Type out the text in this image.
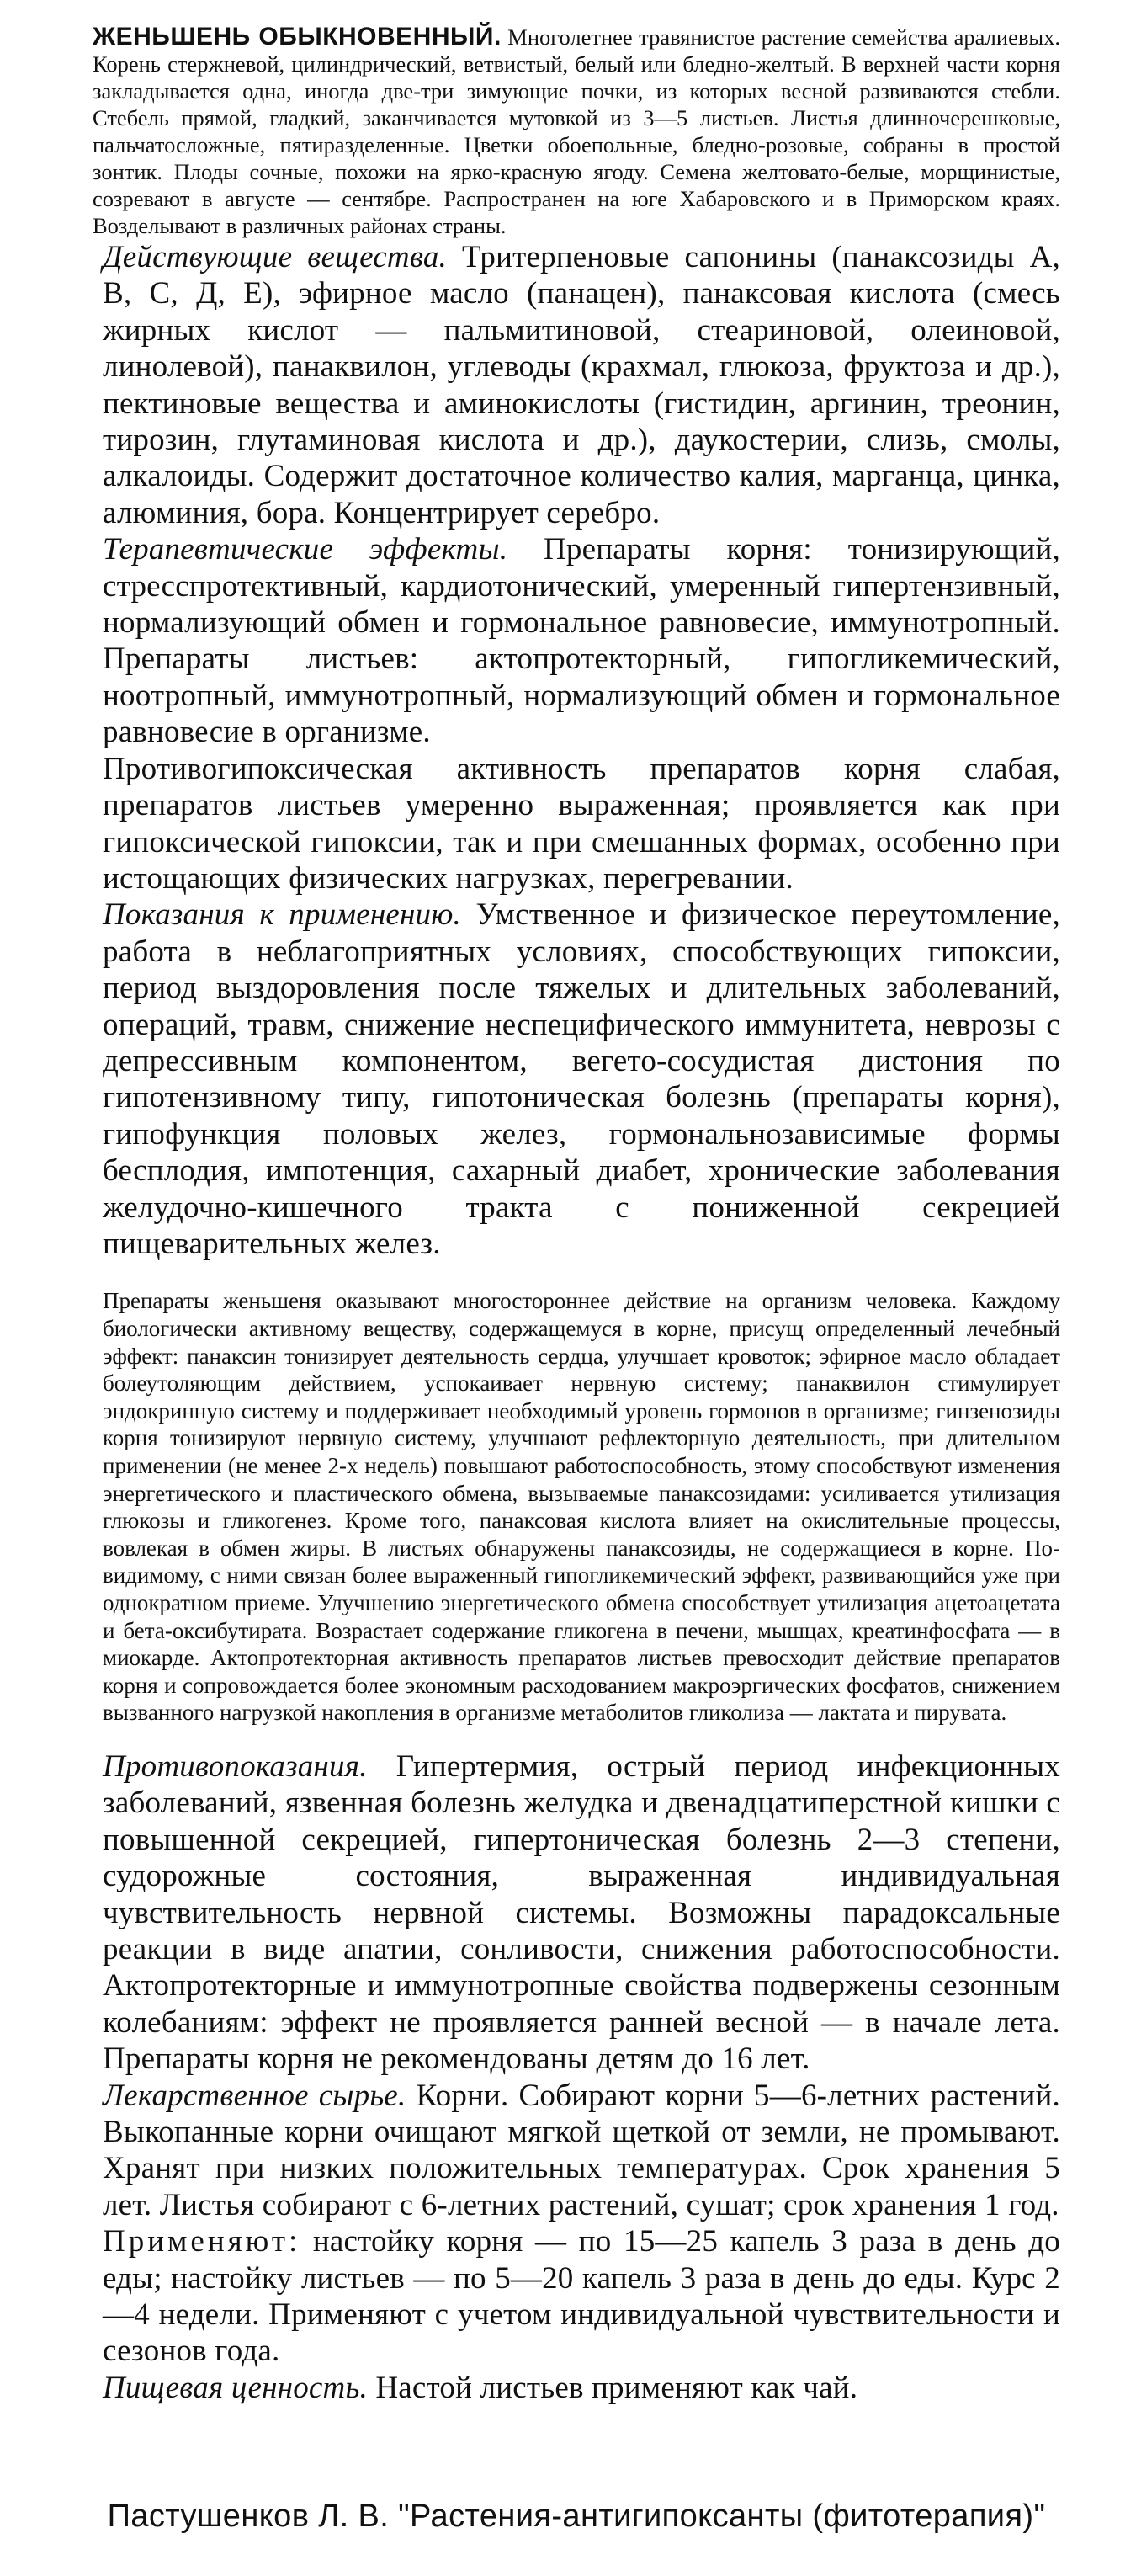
ЖЕНЬШЕНЬ ОБЫКНОВЕННЫЙ. Многолетнее травянистое растение семейства аралиевых. Корень стержневой, цилиндрический, ветвистый, белый или бледно-желтый. В верхней части корня закладывается одна, иногда две-три зимующие почки, из которых весной развиваются стебли. Стебель прямой, гладкий, заканчивается мутовкой из 3—5 листьев. Листья длинночерешковые, пальчатосложные, пятиразделенные. Цветки обоепольные, бледно-розовые, собраны в простой зонтик. Плоды сочные, похожи на ярко-красную ягоду. Семена желтовато-белые, морщинистые, созревают в августе — сентябре. Распространен на юге Хабаровского и в Приморском краях. Возделывают в различных районах страны.

Действующие вещества. Тритерпеновые сапонины (панаксозиды А, В, С, Д, Е), эфирное масло (панацен), панаксовая кислота (смесь жирных кислот — пальмитиновой, стеариновой, олеиновой, линолевой), панаквилон, углеводы (крахмал, глюкоза, фруктоза и др.), пектиновые вещества и аминокислоты (гистидин, аргинин, треонин, тирозин, глутаминовая кислота и др.), даукостерии, слизь, смолы, алкалоиды. Содержит достаточное количество калия, марганца, цинка, алюминия, бора. Концентрирует серебро.

Терапевтические эффекты. Препараты корня: тонизирующий, стресспротективный, кардиотонический, умеренный гипертензивный, нормализующий обмен и гормональное равновесие, иммунотропный. Препараты листьев: актопротекторный, гипогликемический, ноотропный, иммунотропный, нормализующий обмен и гормональное равновесие в организме.

Противогипоксическая активность препаратов корня слабая, препаратов листьев умеренно выраженная; проявляется как при гипоксической гипоксии, так и при смешанных формах, особенно при истощающих физических нагрузках, перегревании.

Показания к применению. Умственное и физическое переутомление, работа в неблагоприятных условиях, способствующих гипоксии, период выздоровления после тяжелых и длительных заболеваний, операций, травм, снижение неспецифического иммунитета, неврозы с депрессивным компонентом, вегето-сосудистая дистония по гипотензивному типу, гипотоническая болезнь (препараты корня), гипофункция половых желез, гормональнозависимые формы бесплодия, импотенция, сахарный диабет, хронические заболевания желудочно-кишечного тракта с пониженной секрецией пищеварительных желез.

Препараты женьшеня оказывают многостороннее действие на организм человека. Каждому биологически активному веществу, содержащемуся в корне, присущ определенный лечебный эффект: панаксин тонизирует деятельность сердца, улучшает кровоток; эфирное масло обладает болеутоляющим действием, успокаивает нервную систему; панаквилон стимулирует эндокринную систему и поддерживает необходимый уровень гормонов в организме; гинзенозиды корня тонизируют нервную систему, улучшают рефлекторную деятельность, при длительном применении (не менее 2-х недель) повышают работоспособность, этому способствуют изменения энергетического и пластического обмена, вызываемые панаксозидами: усиливается утилизация глюкозы и гликогенез. Кроме того, панаксовая кислота влияет на окислительные процессы, вовлекая в обмен жиры. В листьях обнаружены панаксозиды, не содержащиеся в корне. По-видимому, с ними связан более выраженный гипогликемический эффект, развивающийся уже при однократном приеме. Улучшению энергетического обмена способствует утилизация ацетоацетата и бета-оксибутирата. Возрастает содержание гликогена в печени, мышцах, креатинфосфата — в миокарде. Актопротекторная активность препаратов листьев превосходит действие препаратов корня и сопровождается более экономным расходованием макроэргических фосфатов, снижением вызванного нагрузкой накопления в организме метаболитов гликолиза — лактата и пирувата.

Противопоказания. Гипертермия, острый период инфекционных заболеваний, язвенная болезнь желудка и двенадцатиперстной кишки с повышенной секрецией, гипертоническая болезнь 2—3 степени, судорожные состояния, выраженная индивидуальная чувствительность нервной системы. Возможны парадоксальные реакции в виде апатии, сонливости, снижения работоспособности. Актопротекторные и иммунотропные свойства подвержены сезонным колебаниям: эффект не проявляется ранней весной — в начале лета. Препараты корня не рекомендованы детям до 16 лет.

Лекарственное сырье. Корни. Собирают корни 5—6-летних растений. Выкопанные корни очищают мягкой щеткой от земли, не промывают. Хранят при низких положительных температурах. Срок хранения 5 лет. Листья собирают с 6-летних растений, сушат; срок хранения 1 год.

Применяют: настойку корня — по 15—25 капель 3 раза в день до еды; настойку листьев — по 5—20 капель 3 раза в день до еды. Курс 2—4 недели. Применяют с учетом индивидуальной чувствительности и сезонов года.

Пищевая ценность. Настой листьев применяют как чай.

Пастушенков Л. В. "Растения-антигипоксанты (фитотерапия)"
